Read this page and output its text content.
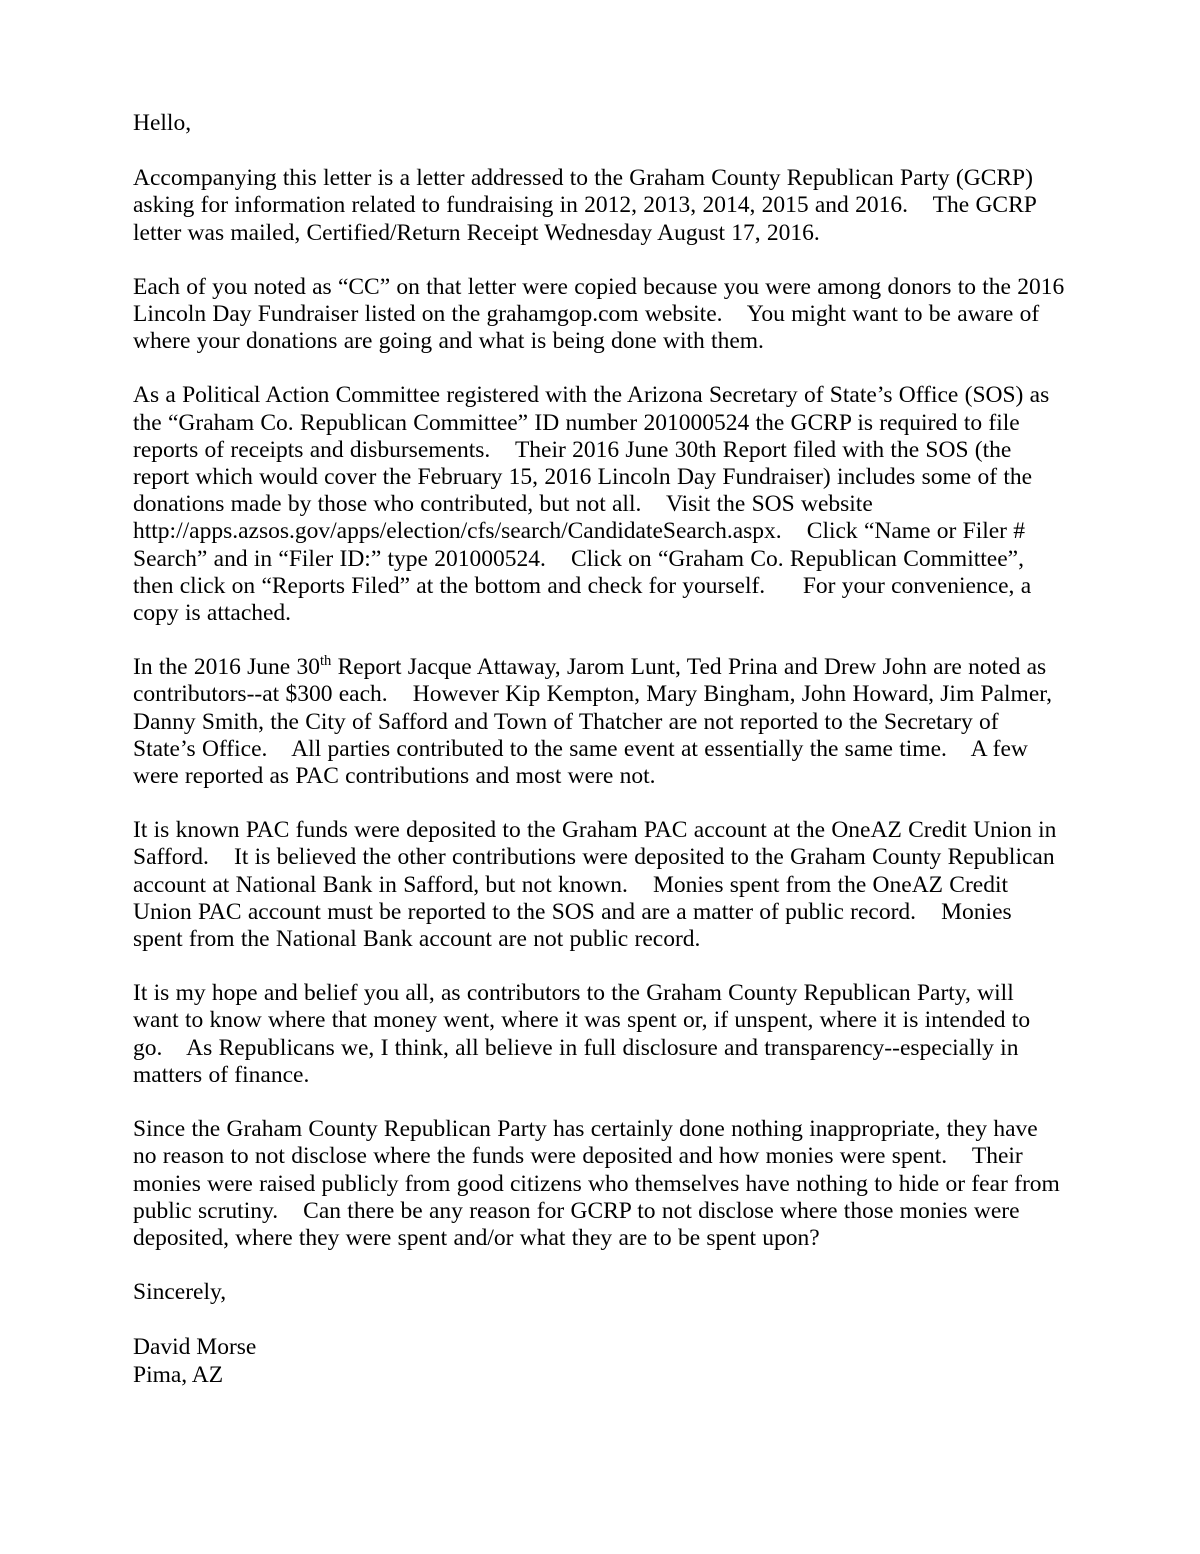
Hello,

Accompanying this letter is a letter addressed to the Graham County Republican Party (GCRP) asking for information related to fundraising in 2012, 2013, 2014, 2015 and 2016.    The GCRP letter was mailed, Certified/Return Receipt Wednesday August 17, 2016.

Each of you noted as “CC” on that letter were copied because you were among donors to the 2016 Lincoln Day Fundraiser listed on the grahamgop.com website.    You might want to be aware of where your donations are going and what is being done with them.

As a Political Action Committee registered with the Arizona Secretary of State’s Office (SOS) as the “Graham Co. Republican Committee” ID number 201000524 the GCRP is required to file reports of receipts and disbursements.    Their 2016 June 30th Report filed with the SOS (the report which would cover the February 15, 2016 Lincoln Day Fundraiser) includes some of the donations made by those who contributed, but not all.    Visit the SOS website http://apps.azsos.gov/apps/election/cfs/search/CandidateSearch.aspx.    Click “Name or Filer # Search” and in “Filer ID:” type 201000524.    Click on “Graham Co. Republican Committee”, then click on “Reports Filed” at the bottom and check for yourself.      For your convenience, a copy is attached.

In the 2016 June 30th Report Jacque Attaway, Jarom Lunt, Ted Prina and Drew John are noted as contributors--at $300 each.    However Kip Kempton, Mary Bingham, John Howard, Jim Palmer, Danny Smith, the City of Safford and Town of Thatcher are not reported to the Secretary of State’s Office.    All parties contributed to the same event at essentially the same time.    A few were reported as PAC contributions and most were not.

It is known PAC funds were deposited to the Graham PAC account at the OneAZ Credit Union in Safford.    It is believed the other contributions were deposited to the Graham County Republican account at National Bank in Safford, but not known.    Monies spent from the OneAZ Credit Union PAC account must be reported to the SOS and are a matter of public record.    Monies spent from the National Bank account are not public record.

It is my hope and belief you all, as contributors to the Graham County Republican Party, will want to know where that money went, where it was spent or, if unspent, where it is intended to go.    As Republicans we, I think, all believe in full disclosure and transparency--especially in matters of finance.

Since the Graham County Republican Party has certainly done nothing inappropriate, they have no reason to not disclose where the funds were deposited and how monies were spent.    Their monies were raised publicly from good citizens who themselves have nothing to hide or fear from public scrutiny.    Can there be any reason for GCRP to not disclose where those monies were deposited, where they were spent and/or what they are to be spent upon?

Sincerely,

David Morse
Pima, AZ
